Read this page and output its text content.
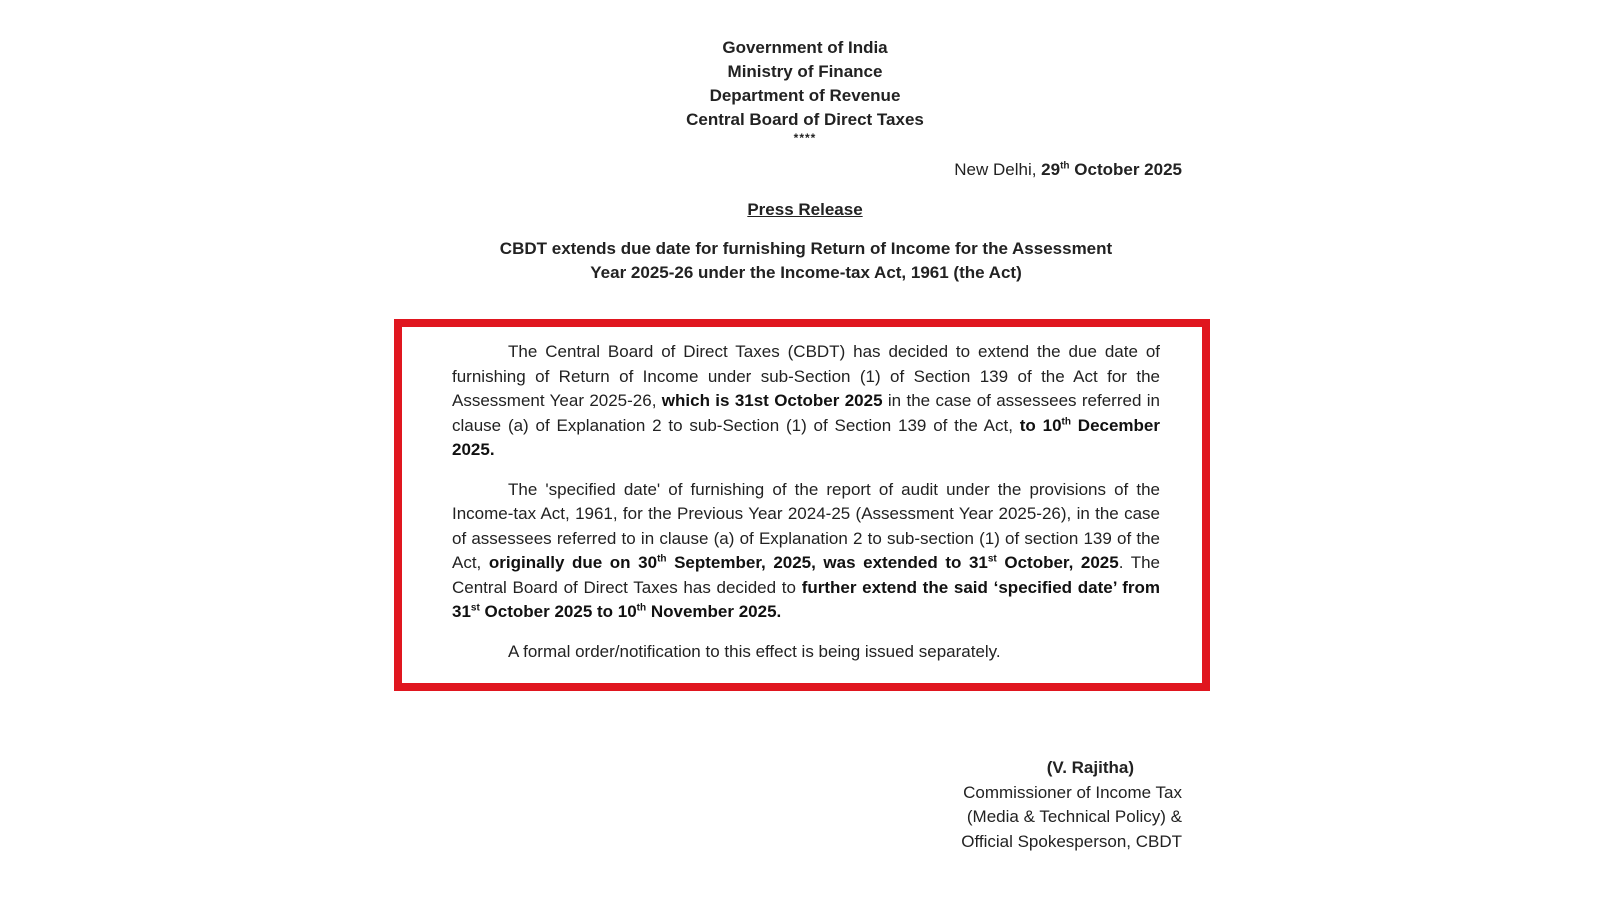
Government of India
Ministry of Finance
Department of Revenue
Central Board of Direct Taxes
****
New Delhi, 29th October 2025
Press Release
CBDT extends due date for furnishing Return of Income for the Assessment
Year 2025-26 under the Income-tax Act, 1961 (the Act)

The Central Board of Direct Taxes (CBDT) has decided to extend the due date of furnishing of Return of Income under sub-Section (1) of Section 139 of the Act for the Assessment Year 2025-26, which is 31st October 2025 in the case of assessees referred in clause (a) of Explanation 2 to sub-Section (1) of Section 139 of the Act, to 10th December 2025.

The 'specified date' of furnishing of the report of audit under the provisions of the Income-tax Act, 1961, for the Previous Year 2024-25 (Assessment Year 2025-26), in the case of assessees referred to in clause (a) of Explanation 2 to sub-section (1) of section 139 of the Act, originally due on 30th September, 2025, was extended to 31st October, 2025. The Central Board of Direct Taxes has decided to further extend the said ‘specified date’ from 31st October 2025 to 10th November 2025.

A formal order/notification to this effect is being issued separately.

(V. Rajitha)
Commissioner of Income Tax
(Media & Technical Policy) &
Official Spokesperson, CBDT
